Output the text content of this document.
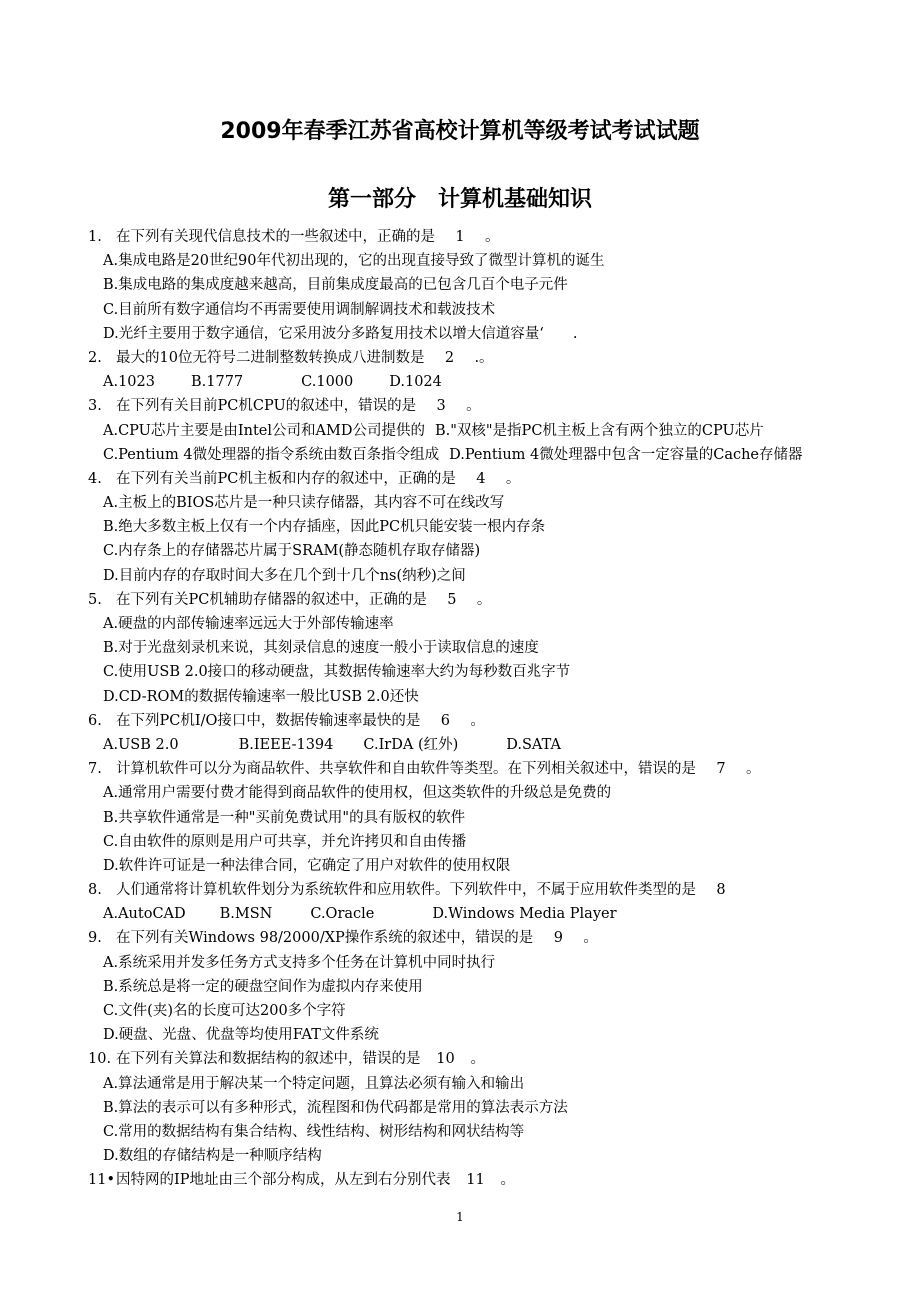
2009年春季江苏省高校计算机等级考试考试试题
第一部分　计算机基础知识
1. 在下列有关现代信息技术的一些叙述中，正确的是 1 。
A.集成电路是20世纪90年代初出现的，它的出现直接导致了微型计算机的诞生
B.集成电路的集成度越来越高，目前集成度最高的已包含几百个电子元件
C.目前所有数字通信均不再需要使用调制解调技术和载波技术
D.光纤主要用于数字通信，它采用波分多路复用技术以增大信道容量‘　　.
2. 最大的10位无符号二进制整数转换成八进制数是 2 .。
A.1023 B.1777	C.1000 D.1024
3. 在下列有关目前PC机CPU的叙述中，错误的是 3 。
A.CPU芯片主要是由Intel公司和AMD公司提供的 B."双核"是指PC机主板上含有两个独立的CPU芯片
C.Pentium 4微处理器的指令系统由数百条指令组成 D.Pentium 4微处理器中包含一定容量的Cache存储器
4. 在下列有关当前PC机主板和内存的叙述中，正确的是 4 。
A.主板上的BIOS芯片是一种只读存储器，其内容不可在线改写
B.绝大多数主板上仅有一个内存插座，因此PC机只能安装一根内存条
C.内存条上的存储器芯片属于SRAM(静态随机存取存储器)
D.目前内存的存取时间大多在几个到十几个ns(纳秒)之间
5. 在下列有关PC机辅助存储器的叙述中，正确的是 5 。
A.硬盘的内部传输速率远远大于外部传输速率
B.对于光盘刻录机来说，其刻录信息的速度一般小于读取信息的速度
C.使用USB 2.0接口的移动硬盘，其数据传输速率大约为每秒数百兆字节
D.CD-ROM的数据传输速率一般比USB 2.0还快
6. 在下列PC机I/O接口中，数据传输速率最快的是 6 。
A.USB 2.0	B.IEEE-1394 C.IrDA (红外)	D.SATA
7. 计算机软件可以分为商品软件、共享软件和自由软件等类型。在下列相关叙述中，错误的是 7 。
A.通常用户需要付费才能得到商品软件的使用权，但这类软件的升级总是免费的
B.共享软件通常是一种"买前免费试用"的具有版权的软件
C.自由软件的原则是用户可共享，并允许拷贝和自由传播
D.软件许可证是一种法律合同，它确定了用户对软件的使用权限
8. 人们通常将计算机软件划分为系统软件和应用软件。下列软件中，不属于应用软件类型的是 8
A.AutoCAD B.MSN	C.Oracle	D.Windows Media Player
9. 在下列有关Windows 98/2000/XP操作系统的叙述中，错误的是 9 。
A.系统采用并发多任务方式支持多个任务在计算机中同时执行
B.系统总是将一定的硬盘空间作为虚拟内存来使用
C.文件(夹)名的长度可达200多个字符
D.硬盘、光盘、优盘等均使用FAT文件系统
10. 在下列有关算法和数据结构的叙述中，错误的是 10 。
A.算法通常是用于解决某一个特定问题，且算法必须有输入和输出
B.算法的表示可以有多种形式，流程图和伪代码都是常用的算法表示方法
C.常用的数据结构有集合结构、线性结构、树形结构和网状结构等
D.数组的存储结构是一种顺序结构
11•因特网的IP地址由三个部分构成，从左到右分别代表 11 。
1
